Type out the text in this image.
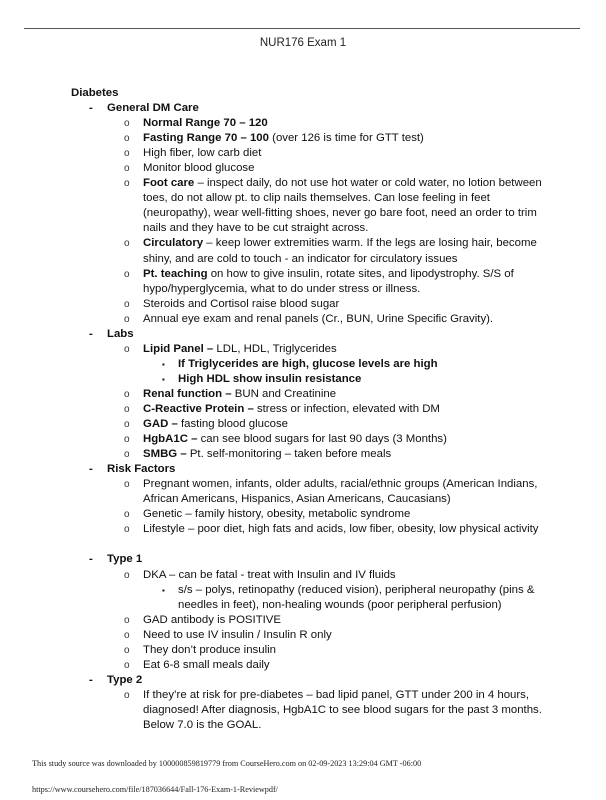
NUR176 Exam 1
Diabetes
- General DM Care
o Normal Range 70 – 120
o Fasting Range 70 – 100 (over 126 is time for GTT test)
o High fiber, low carb diet
o Monitor blood glucose
o Foot care – inspect daily, do not use hot water or cold water, no lotion between
toes, do not allow pt. to clip nails themselves. Can lose feeling in feet
(neuropathy), wear well-fitting shoes, never go bare foot, need an order to trim
nails and they have to be cut straight across.
o Circulatory – keep lower extremities warm. If the legs are losing hair, become
shiny, and are cold to touch - an indicator for circulatory issues
o Pt. teaching on how to give insulin, rotate sites, and lipodystrophy. S/S of
hypo/hyperglycemia, what to do under stress or illness.
o Steroids and Cortisol raise blood sugar
o Annual eye exam and renal panels (Cr., BUN, Urine Specific Gravity).
- Labs
o Lipid Panel – LDL, HDL, Triglycerides
▪ If Triglycerides are high, glucose levels are high
▪ High HDL show insulin resistance
o Renal function – BUN and Creatinine
o C-Reactive Protein – stress or infection, elevated with DM
o GAD – fasting blood glucose
o HgbA1C – can see blood sugars for last 90 days (3 Months)
o SMBG – Pt. self-monitoring – taken before meals
- Risk Factors
o Pregnant women, infants, older adults, racial/ethnic groups (American Indians,
African Americans, Hispanics, Asian Americans, Caucasians)
o Genetic – family history, obesity, metabolic syndrome
o Lifestyle – poor diet, high fats and acids, low fiber, obesity, low physical activity
- Type 1
o DKA – can be fatal - treat with Insulin and IV fluids
▪ s/s – polys, retinopathy (reduced vision), peripheral neuropathy (pins &
needles in feet), non-healing wounds (poor peripheral perfusion)
o GAD antibody is POSITIVE
o Need to use IV insulin / Insulin R only
o They don’t produce insulin
o Eat 6-8 small meals daily
- Type 2
o If they’re at risk for pre-diabetes – bad lipid panel, GTT under 200 in 4 hours,
diagnosed! After diagnosis, HgbA1C to see blood sugars for the past 3 months.
Below 7.0 is the GOAL.
This study source was downloaded by 100000859819779 from CourseHero.com on 02-09-2023 13:29:04 GMT -06:00
https://www.coursehero.com/file/187036644/Fall-176-Exam-1-Reviewpdf/
